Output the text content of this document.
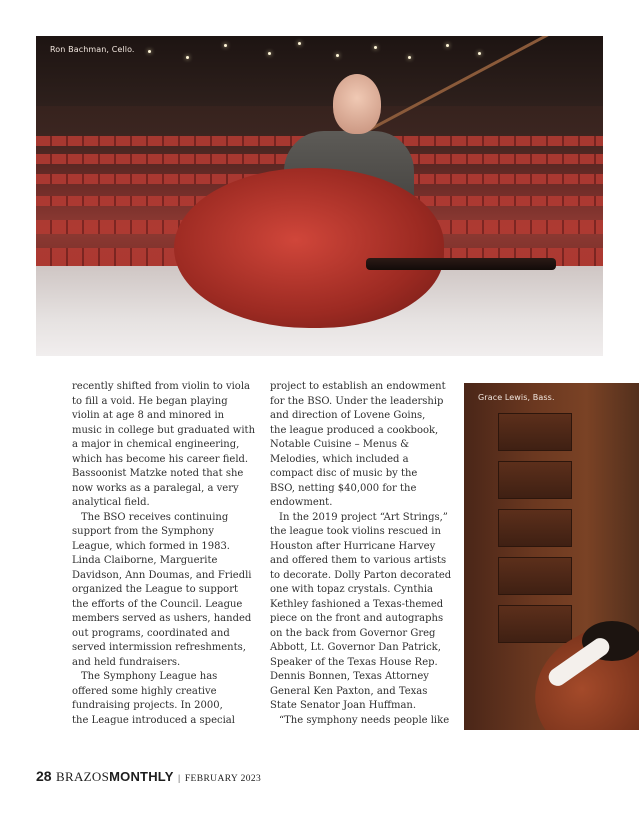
Ron Bachman, Cello.
Grace Lewis, Bass.

recently shifted from violin to viola
to fill a void. He began playing
violin at age 8 and minored in
music in college but graduated with
a major in chemical engineering,
which has become his career field.
Bassoonist Matzke noted that she
now works as a paralegal, a very
analytical field.

The BSO receives continuing
support from the Symphony
League, which formed in 1983.
Linda Claiborne, Marguerite
Davidson, Ann Doumas, and Friedli
organized the League to support
the efforts of the Council. League
members served as ushers, handed
out programs, coordinated and
served intermission refreshments,
and held fundraisers.

The Symphony League has
offered some highly creative
fundraising projects. In 2000,
the League introduced a special

project to establish an endowment
for the BSO. Under the leadership
and direction of Lovene Goins,
the league produced a cookbook,
Notable Cuisine – Menus &
Melodies, which included a
compact disc of music by the
BSO, netting $40,000 for the
endowment.

In the 2019 project “Art Strings,”
the league took violins rescued in
Houston after Hurricane Harvey
and offered them to various artists
to decorate. Dolly Parton decorated
one with topaz crystals. Cynthia
Kethley fashioned a Texas-themed
piece on the front and autographs
on the back from Governor Greg
Abbott, Lt. Governor Dan Patrick,
Speaker of the Texas House Rep.
Dennis Bonnen, Texas Attorney
General Ken Paxton, and Texas
State Senator Joan Huffman.

“The symphony needs people like

28 BRAZOSMONTHLY | FEBRUARY 2023
